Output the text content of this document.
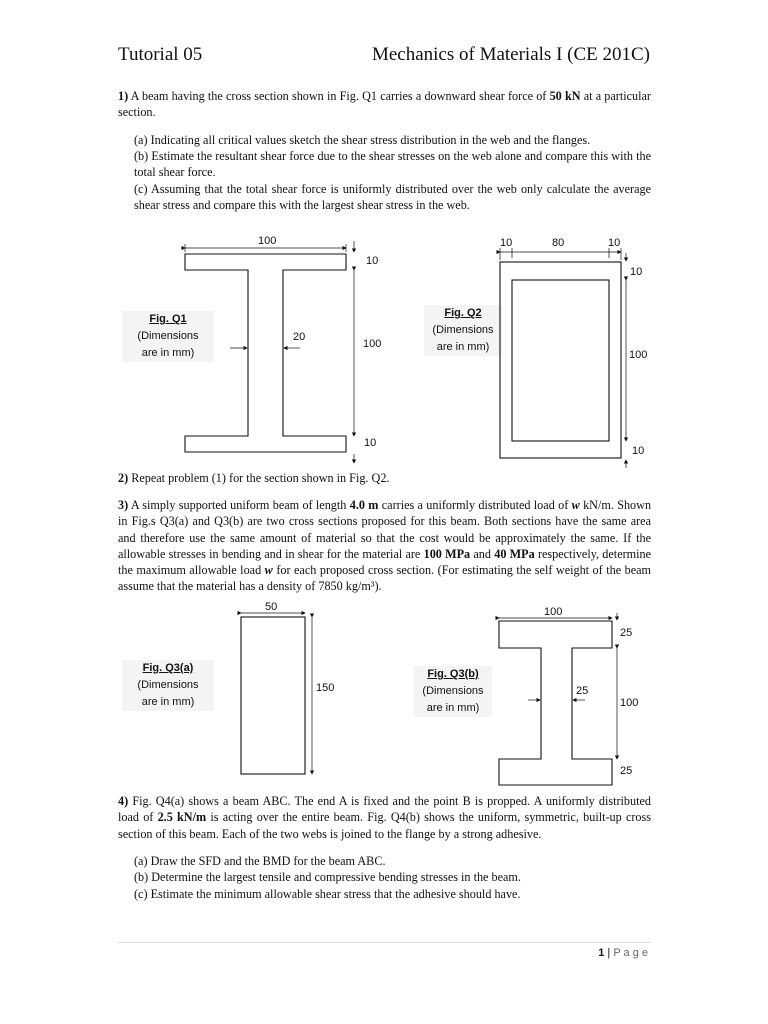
Tutorial 05	Mechanics of Materials I (CE 201C)
1) A beam having the cross section shown in Fig. Q1 carries a downward shear force of 50 kN at a particular section.
(a) Indicating all critical values sketch the shear stress distribution in the web and the flanges.
(b) Estimate the resultant shear force due to the shear stresses on the web alone and compare this with the total shear force.
(c) Assuming that the total shear force is uniformly distributed over the web only calculate the average shear stress and compare this with the largest shear stress in the web.
Fig. Q1
(Dimensions
are in mm)
Fig. Q2
(Dimensions
are in mm)
2) Repeat problem (1) for the section shown in Fig. Q2.
3) A simply supported uniform beam of length 4.0 m carries a uniformly distributed load of w kN/m. Shown in Fig.s Q3(a) and Q3(b) are two cross sections proposed for this beam. Both sections have the same area and therefore use the same amount of material so that the cost would be approximately the same. If the allowable stresses in bending and in shear for the material are 100 MPa and 40 MPa respectively, determine the maximum allowable load w for each proposed cross section. (For estimating the self weight of the beam assume that the material has a density of 7850 kg/m³).
Fig. Q3(a)
(Dimensions
are in mm)
Fig. Q3(b)
(Dimensions
are in mm)
4) Fig. Q4(a) shows a beam ABC. The end A is fixed and the point B is propped. A uniformly distributed load of 2.5 kN/m is acting over the entire beam. Fig. Q4(b) shows the uniform, symmetric, built-up cross section of this beam. Each of the two webs is joined to the flange by a strong adhesive.
(a) Draw the SFD and the BMD for the beam ABC.
(b) Determine the largest tensile and compressive bending stresses in the beam.
(c) Estimate the minimum allowable shear stress that the adhesive should have.
100
10
20
100
10
10	80	10
10
100
10
50
150
100
25
25
100
25
1 | P a g e
